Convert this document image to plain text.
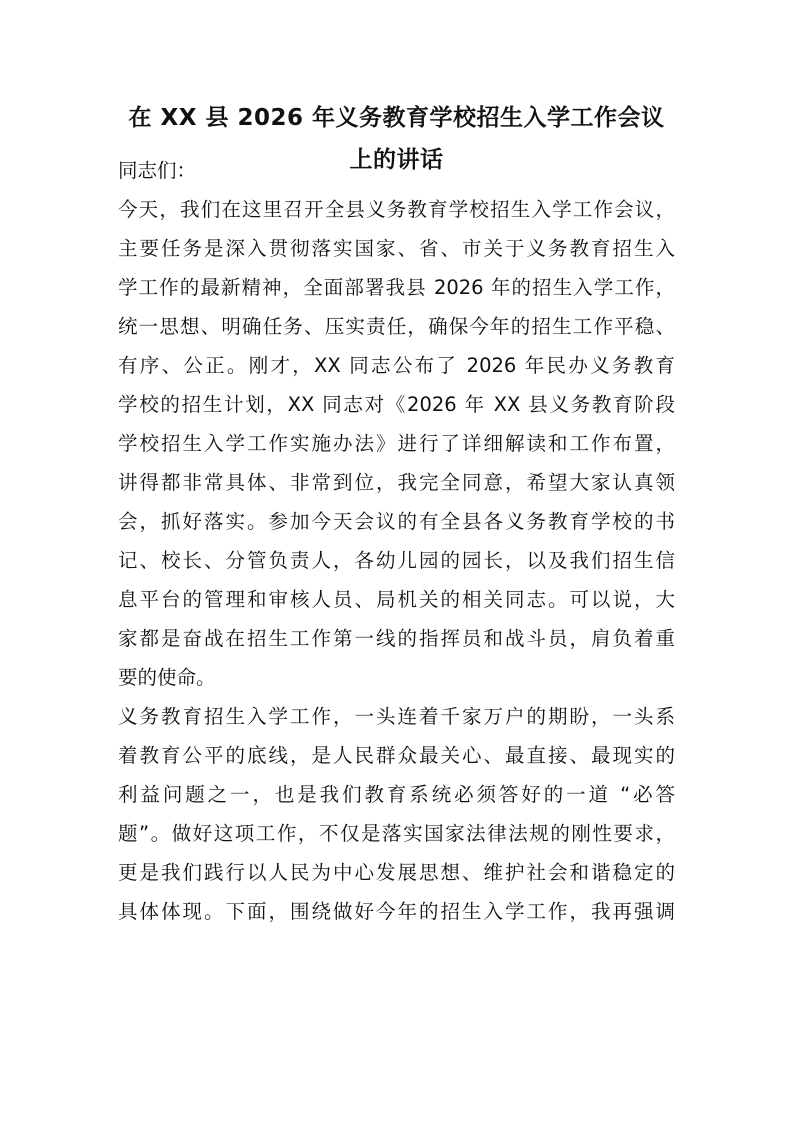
在 XX 县 2026 年义务教育学校招生入学工作会议
上的讲话

同志们：

今天，我们在这里召开全县义务教育学校招生入学工作会议，
主要任务是深入贯彻落实国家、省、市关于义务教育招生入
学工作的最新精神，全面部署我县 2026 年的招生入学工作，
统一思想、明确任务、压实责任，确保今年的招生工作平稳、
有序、公正。刚才，XX 同志公布了 2026 年民办义务教育
学校的招生计划，XX 同志对《2026 年 XX 县义务教育阶段
学校招生入学工作实施办法》进行了详细解读和工作布置，
讲得都非常具体、非常到位，我完全同意，希望大家认真领
会，抓好落实。参加今天会议的有全县各义务教育学校的书
记、校长、分管负责人，各幼儿园的园长，以及我们招生信
息平台的管理和审核人员、局机关的相关同志。可以说，大
家都是奋战在招生工作第一线的指挥员和战斗员，肩负着重
要的使命。
义务教育招生入学工作，一头连着千家万户的期盼，一头系
着教育公平的底线，是人民群众最关心、最直接、最现实的
利益问题之一，也是我们教育系统必须答好的一道 “必答
题”。做好这项工作，不仅是落实国家法律法规的刚性要求，
更是我们践行以人民为中心发展思想、维护社会和谐稳定的
具体体现。下面，围绕做好今年的招生入学工作，我再强调
